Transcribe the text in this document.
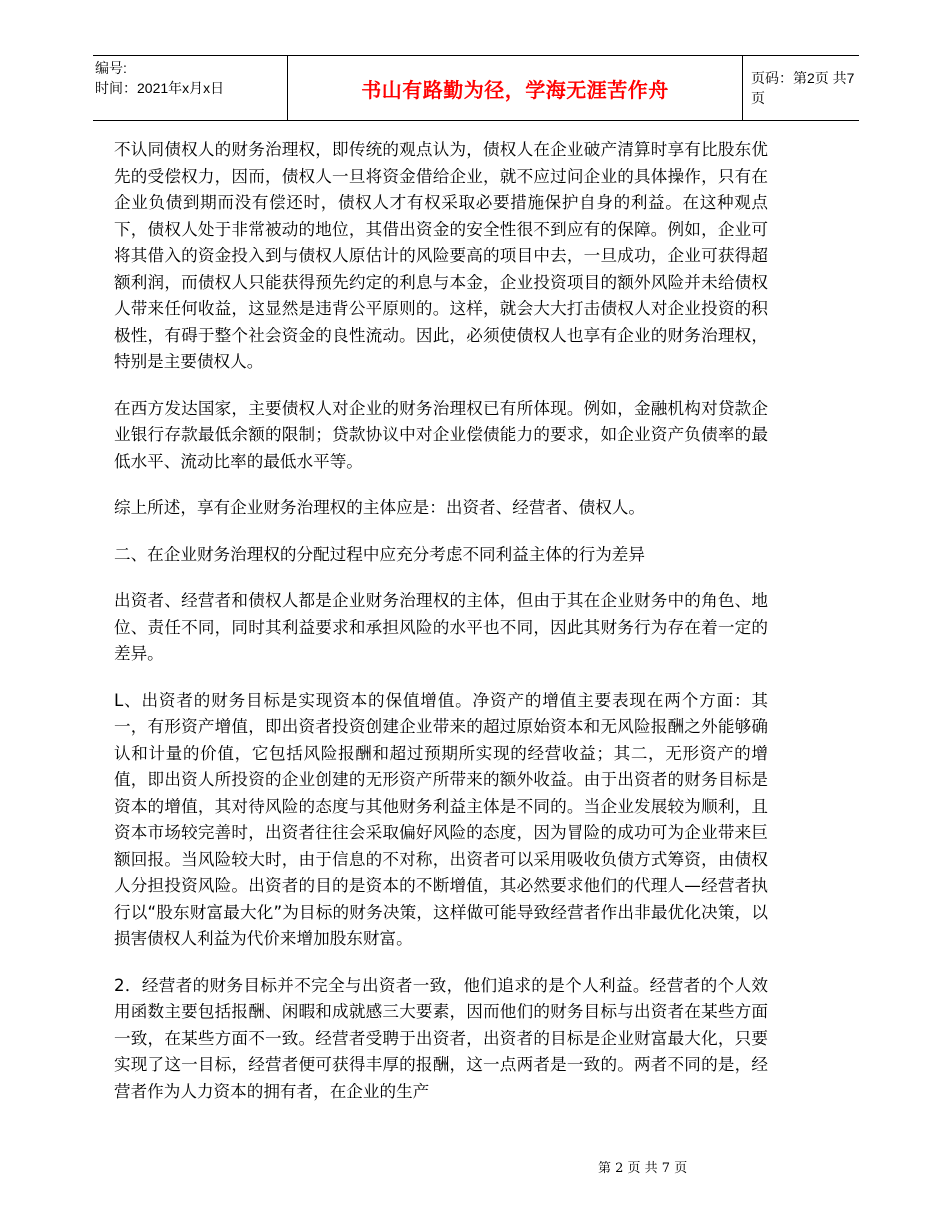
编号:
时间：2021年x月x日	书山有路勤为径，学海无涯苦作舟	页码：第2页 共7页

不认同债权人的财务治理权，即传统的观点认为，债权人在企业破产清算时享有比股东优先的受偿权力，因而，债权人一旦将资金借给企业，就不应过问企业的具体操作，只有在企业负债到期而没有偿还时，债权人才有权采取必要措施保护自身的利益。在这种观点下，债权人处于非常被动的地位，其借出资金的安全性很不到应有的保障。例如，企业可将其借入的资金投入到与债权人原估计的风险要高的项目中去，一旦成功，企业可获得超额利润，而债权人只能获得预先约定的利息与本金，企业投资项目的额外风险并未给债权人带来任何收益，这显然是违背公平原则的。这样，就会大大打击债权人对企业投资的积极性，有碍于整个社会资金的良性流动。因此，必须使债权人也享有企业的财务治理权，特别是主要债权人。

在西方发达国家，主要债权人对企业的财务治理权已有所体现。例如，金融机构对贷款企业银行存款最低余额的限制；贷款协议中对企业偿债能力的要求，如企业资产负债率的最低水平、流动比率的最低水平等。

综上所述，享有企业财务治理权的主体应是：出资者、经营者、债权人。

二、在企业财务治理权的分配过程中应充分考虑不同利益主体的行为差异

出资者、经营者和债权人都是企业财务治理权的主体，但由于其在企业财务中的角色、地位、责任不同，同时其利益要求和承担风险的水平也不同，因此其财务行为存在着一定的差异。

L、出资者的财务目标是实现资本的保值增值。净资产的增值主要表现在两个方面：其一，有形资产增值，即出资者投资创建企业带来的超过原始资本和无风险报酬之外能够确认和计量的价值，它包括风险报酬和超过预期所实现的经营收益；其二，无形资产的增值，即出资人所投资的企业创建的无形资产所带来的额外收益。由于出资者的财务目标是资本的增值，其对待风险的态度与其他财务利益主体是不同的。当企业发展较为顺利，且资本市场较完善时，出资者往往会采取偏好风险的态度，因为冒险的成功可为企业带来巨额回报。当风险较大时，由于信息的不对称，出资者可以采用吸收负债方式筹资，由债权人分担投资风险。出资者的目的是资本的不断增值，其必然要求他们的代理人—经营者执行以“股东财富最大化”为目标的财务决策，这样做可能导致经营者作出非最优化决策，以损害债权人利益为代价来增加股东财富。

2．经营者的财务目标并不完全与出资者一致，他们追求的是个人利益。经营者的个人效用函数主要包括报酬、闲暇和成就感三大要素，因而他们的财务目标与出资者在某些方面一致，在某些方面不一致。经营者受聘于出资者，出资者的目标是企业财富最大化，只要实现了这一目标，经营者便可获得丰厚的报酬，这一点两者是一致的。两者不同的是，经营者作为人力资本的拥有者，在企业的生产

第 2 页 共 7 页
